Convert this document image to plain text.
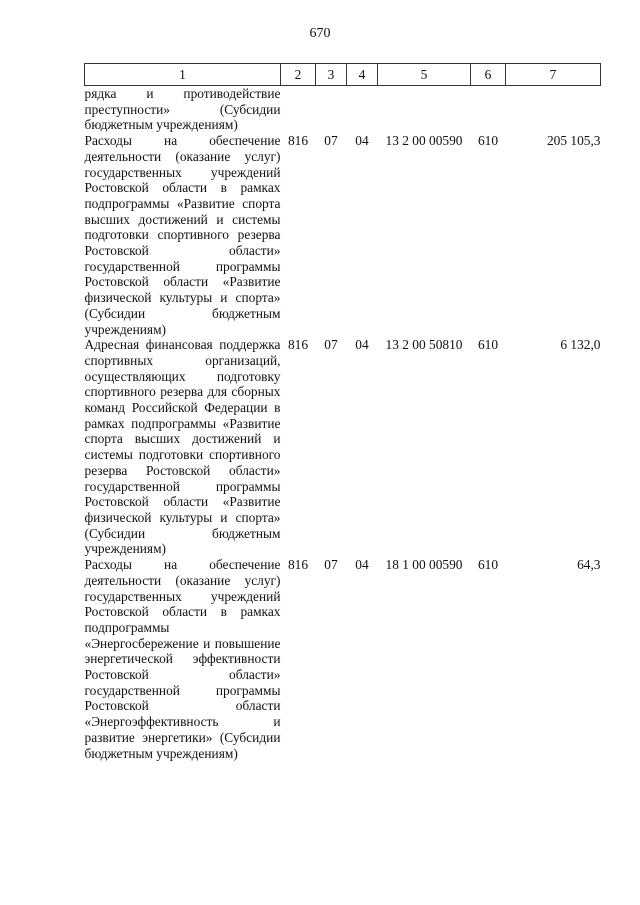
670
1	2	3	4	5	6	7
рядка и противодействие преступности» (Субсидии бюджетным учреждениям)						
Расходы на обеспечение деятельности (оказание услуг) государственных учреждений Ростовской области в рамках подпрограммы «Развитие спорта высших достижений и системы подготовки спортивного резерва Ростовской области» государственной программы Ростовской области «Развитие физической культуры и спорта» (Субсидии бюджетным учреждениям)	816	07	04	13 2 00 00590	610	205 105,3
Адресная финансовая поддержка спортивных организаций, осуществляющих подготовку спортивного резерва для сборных команд Российской Федерации в рамках подпрограммы «Развитие спорта высших достижений и системы подготовки спортивного резерва Ростовской области» государственной программы Ростовской области «Развитие физической культуры и спорта» (Субсидии бюджетным учреждениям)	816	07	04	13 2 00 50810	610	6 132,0
Расходы на обеспечение деятельности (оказание услуг) государственных учреждений Ростовской области в рамках подпрограммы «Энергосбережение и повышение энергетической эффективности Ростовской области» государственной программы Ростовской области «Энергоэффективность и развитие энергетики» (Субсидии бюджетным учреждениям)	816	07	04	18 1 00 00590	610	64,3
